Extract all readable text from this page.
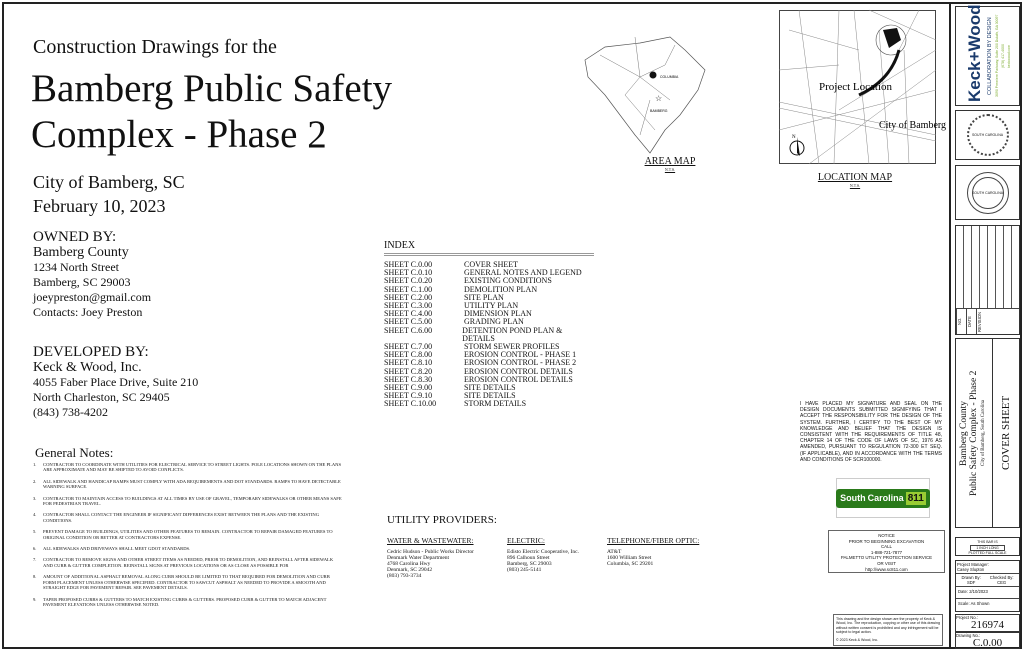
Construction Drawings for the
Bamberg Public Safety
Complex - Phase 2
City of Bamberg, SC
February 10, 2023
OWNED BY:
Bamberg County
1234 North Street
Bamberg, SC 29003
joeypreston@gmail.com
Contacts: Joey Preston
DEVELOPED BY:
Keck & Wood, Inc.
4055 Faber Place Drive, Suite 210
North Charleston, SC 29405
(843) 738-4202
General Notes:
1.	CONTRACTOR TO COORDINATE WITH UTILITIES FOR ELECTRICAL SERVICE TO STREET LIGHTS. POLE LOCATIONS SHOWN ON THE PLANS ARE APPROXIMATE AND MAY BE SHIFTED TO AVOID CONFLICTS.
2.	ALL SIDEWALK AND HANDICAP RAMPS MUST COMPLY WITH ADA REQUIREMENTS AND DOT STANDARDS. RAMPS TO HAVE DETECTABLE WARNING SURFACE.
3.	CONTRACTOR TO MAINTAIN ACCESS TO BUILDINGS AT ALL TIMES BY USE OF GRAVEL, TEMPORARY SIDEWALKS OR OTHER MEANS SAFE FOR PEDESTRIAN TRAVEL.
4.	CONTRACTOR SHALL CONTACT THE ENGINEER IF SIGNIFICANT DIFFERENCES EXIST BETWEEN THE PLANS AND THE EXISTING CONDITIONS.
5.	PREVENT DAMAGE TO BUILDINGS, UTILITIES AND OTHER FEATURES TO REMAIN. CONTRACTOR TO REPAIR DAMAGED FEATURES TO ORIGINAL CONDITION OR BETTER AT CONTRACTORS EXPENSE.
6.	ALL SIDEWALKS AND DRIVEWAYS SHALL MEET GDOT STANDARDS.
7.	CONTRACTOR TO REMOVE SIGNS AND OTHER STREET ITEMS AS NEEDED, PRIOR TO DEMOLITION, AND REINSTALL AFTER SIDEWALK AND CURB & GUTTER COMPLETION. REINSTALL SIGNS AT PREVIOUS LOCATIONS OR AS CLOSE AS POSSIBLE FOR
8.	AMOUNT OF ADDITIONAL ASPHALT REMOVAL ALONG CURB SHOULD BE LIMITED TO THAT REQUIRED FOR DEMOLITION AND CURB FORM PLACEMENT UNLESS OTHERWISE SPECIFIED. CONTRACTOR TO SAWCUT ASPHALT AS NEEDED TO PROVIDE A SMOOTH AND STRAIGHT EDGE FOR PAVEMENT REPAIR. SEE PAVEMENT DETAILS.
9.	TAPER PROPOSED CURBS & GUTTERS TO MATCH EXISTING CURBS & GUTTERS. PROPOSED CURB & GUTTER TO MATCH ADJACENT PAVEMENT ELEVATIONS UNLESS OTHERWISE NOTED.
INDEX
SHEET C.0.00	COVER SHEET
SHEET C.0.10	GENERAL NOTES AND LEGEND
SHEET C.0.20	EXISTING CONDITIONS
SHEET C.1.00	DEMOLITION PLAN
SHEET C.2.00	SITE PLAN
SHEET C.3.00	UTILITY PLAN
SHEET C.4.00	DIMENSION PLAN
SHEET C.5.00	GRADING PLAN
SHEET C.6.00	DETENTION POND PLAN & DETAILS
SHEET C.7.00	STORM SEWER PROFILES
SHEET C.8.00	EROSION CONTROL - PHASE 1
SHEET C.8.10	EROSION CONTROL - PHASE 2
SHEET C.8.20	EROSION CONTROL DETAILS
SHEET C.8.30	EROSION CONTROL DETAILS
SHEET C.9.00	SITE DETAILS
SHEET C.9.10	SITE DETAILS
SHEET C.10.00	STORM DETAILS
UTILITY PROVIDERS:
WATER & WASTEWATER:
Cedric Hudson - Public Works Director
Denmark Water Department
4768 Carolina Hwy
Denmark, SC 29042
(803) 793-3734
ELECTRIC:
Edisto Electric Cooperative, Inc.
896 Calhoun Street
Bamberg, SC 29003
(803) 245-5141
TELEPHONE/FIBER OPTIC:
AT&T
1600 William Street
Columbia, SC 29201
COLUMBIA
☆
BAMBERG
AREA MAP
N.T.S.
Project Location
City of Bamberg
N
LOCATION MAP
N.T.S.
I HAVE PLACED MY SIGNATURE AND SEAL ON THE DESIGN DOCUMENTS SUBMITTED SIGNIFYING THAT I ACCEPT THE RESPONSIBILITY FOR THE DESIGN OF THE SYSTEM. FURTHER, I CERTIFY TO THE BEST OF MY KNOWLEDGE AND BELIEF THAT THE DESIGN IS CONSISTENT WITH THE REQUIREMENTS OF TITLE 48, CHAPTER 14 OF THE CODE OF LAWS OF SC, 1976 AS AMENDED, PURSUANT TO REGULATION 72-300 ET SEQ. (IF APPLICABLE), AND IN ACCORDANCE WITH THE TERMS AND CONDITIONS OF SCR100000.
South Carolina 811
NOTICE
PRIOR TO BEGINNING EXCAVATION
CALL
1-888-721-7877
PALMETTO UTILITY PROTECTION SERVICE
OR VISIT
http://www.sc811.com
This drawing and the design shown are the property of Keck & Wood, Inc. The reproduction, copying or other use of this drawing without written consent is prohibited and any infringement will be subject to legal action.
© 2023 Keck & Wood, Inc.
Keck+Wood COLLABORATION BY DESIGN 3090 Premiere Parkway, Suite 200 Duluth, GA 30097 (678) 417-4000 keckwood.com
SOUTH CAROLINA
SOUTH CAROLINA
NO.	DATE	REVISION
Bamberg County Public Safety Complex - Phase 2 City of Bamberg, South Carolina	COVER SHEET
THIS BAR IS
1 INCH LONG
PLOTTED FULL SCALE
Project Manager:
Casey Slupton
Drawn By:
SDF
Checked By:
CEG
Date: 2/10/2023
Scale: As Shown
Project No.:
216974
Drawing No.:
C.0.00
